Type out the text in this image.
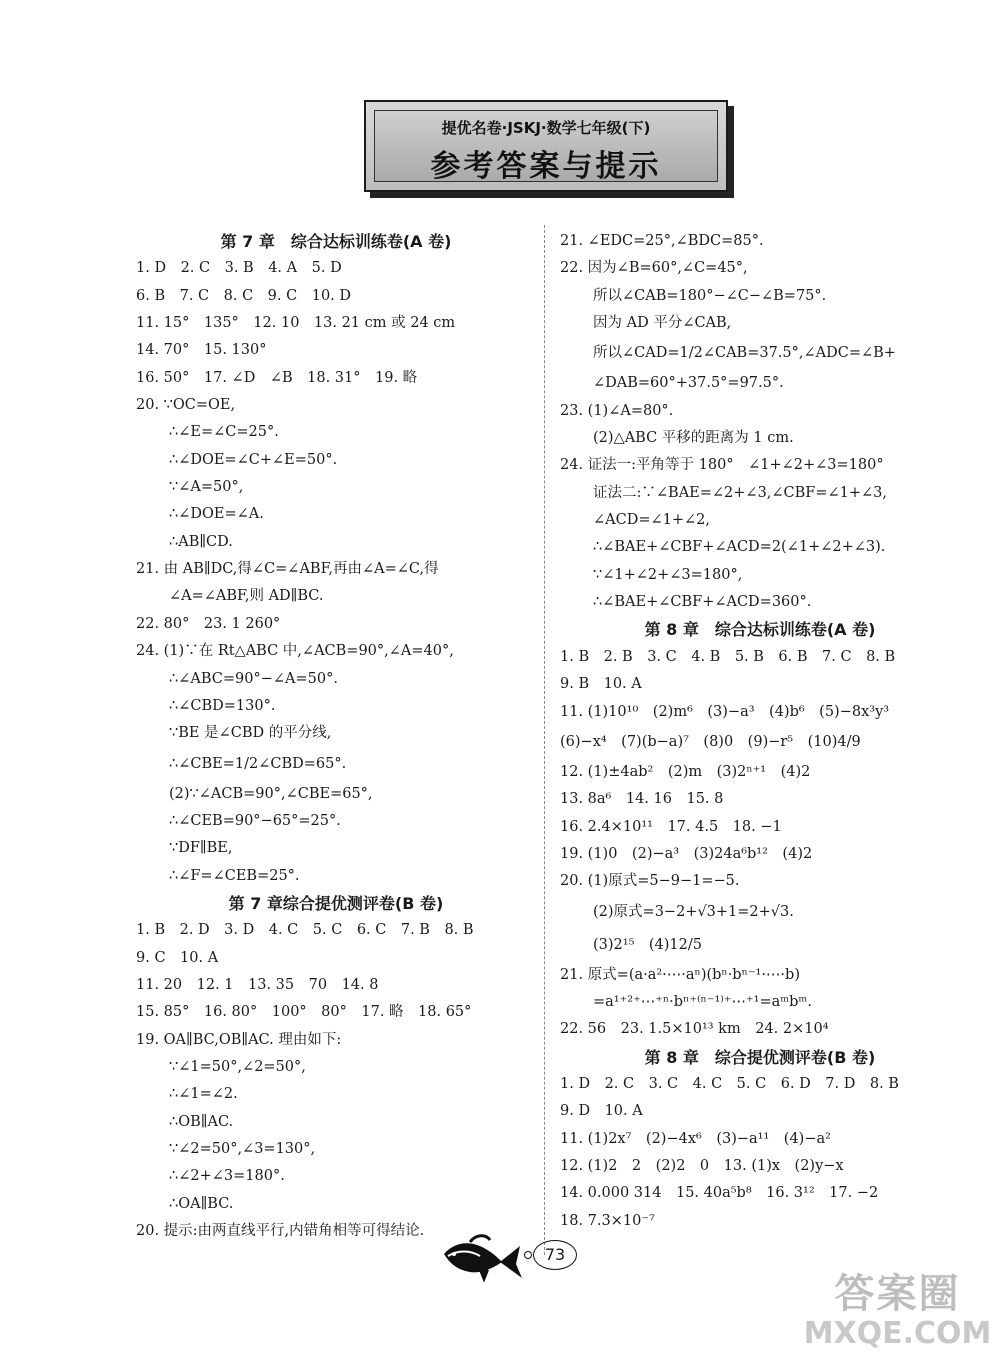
提优名卷·JSKJ·数学七年级(下)
参考答案与提示
第 7 章　综合达标训练卷(A 卷)
1. D　2. C　3. B　4. A　5. D
6. B　7. C　8. C　9. C　10. D
11. 15°　135°　12. 10　13. 21 cm 或 24 cm
14. 70°　15. 130°
16. 50°　17. ∠D　∠B　18. 31°　19. 略
20. ∵OC=OE,
∴∠E=∠C=25°.
∴∠DOE=∠C+∠E=50°.
∵∠A=50°,
∴∠DOE=∠A.
∴AB∥CD.
21. 由 AB∥DC,得∠C=∠ABF,再由∠A=∠C,得
∠A=∠ABF,则 AD∥BC.
22. 80°　23. 1 260°
24. (1)∵在 Rt△ABC 中,∠ACB=90°,∠A=40°,
∴∠ABC=90°−∠A=50°.
∴∠CBD=130°.
∵BE 是∠CBD 的平分线,
∴∠CBE=1/2∠CBD=65°.
(2)∵∠ACB=90°,∠CBE=65°,
∴∠CEB=90°−65°=25°.
∵DF∥BE,
∴∠F=∠CEB=25°.
第 7 章综合提优测评卷(B 卷)
1. B　2. D　3. D　4. C　5. C　6. C　7. B　8. B
9. C　10. A
11. 20　12. 1　13. 35　70　14. 8
15. 85°　16. 80°　100°　80°　17. 略　18. 65°
19. OA∥BC,OB∥AC. 理由如下:
∵∠1=50°,∠2=50°,
∴∠1=∠2.
∴OB∥AC.
∵∠2=50°,∠3=130°,
∴∠2+∠3=180°.
∴OA∥BC.
20. 提示:由两直线平行,内错角相等可得结论.
21. ∠EDC=25°,∠BDC=85°.
22. 因为∠B=60°,∠C=45°,
所以∠CAB=180°−∠C−∠B=75°.
因为 AD 平分∠CAB,
所以∠CAD=1/2∠CAB=37.5°,∠ADC=∠B+
∠DAB=60°+37.5°=97.5°.
23. (1)∠A=80°.
(2)△ABC 平移的距离为 1 cm.
24. 证法一:平角等于 180°　∠1+∠2+∠3=180°
证法二:∵∠BAE=∠2+∠3,∠CBF=∠1+∠3,
∠ACD=∠1+∠2,
∴∠BAE+∠CBF+∠ACD=2(∠1+∠2+∠3).
∵∠1+∠2+∠3=180°,
∴∠BAE+∠CBF+∠ACD=360°.
第 8 章　综合达标训练卷(A 卷)
1. B　2. B　3. C　4. B　5. B　6. B　7. C　8. B
9. B　10. A
11. (1)10¹⁰　(2)m⁶　(3)−a³　(4)b⁶　(5)−8x³y³
(6)−x⁴　(7)(b−a)⁷　(8)0　(9)−r⁵　(10)4/9
12. (1)±4ab²　(2)m　(3)2ⁿ⁺¹　(4)2
13. 8a⁶　14. 16　15. 8
16. 2.4×10¹¹　17. 4.5　18. −1
19. (1)0　(2)−a³　(3)24a⁶b¹²　(4)2
20. (1)原式=5−9−1=−5.
(2)原式=3−2+√3+1=2+√3.
(3)2¹⁵　(4)12/5
21. 原式=(a·a²·⋯·aⁿ)(bⁿ·bⁿ⁻¹·⋯·b)
=a¹⁺²⁺⋯⁺ⁿ·bⁿ⁺⁽ⁿ⁻¹⁾⁺⋯⁺¹=aᵐbᵐ.
22. 56　23. 1.5×10¹³ km　24. 2×10⁴
第 8 章　综合提优测评卷(B 卷)
1. D　2. C　3. C　4. C　5. C　6. D　7. D　8. B
9. D　10. A
11. (1)2x⁷　(2)−4x⁶　(3)−a¹¹　(4)−a²
12. (1)2　2　(2)2　0　13. (1)x　(2)y−x
14. 0.000 314　15. 40a⁵b⁸　16. 3¹²　17. −2
18. 7.3×10⁻⁷
73
答案圈
MXQE.COM
